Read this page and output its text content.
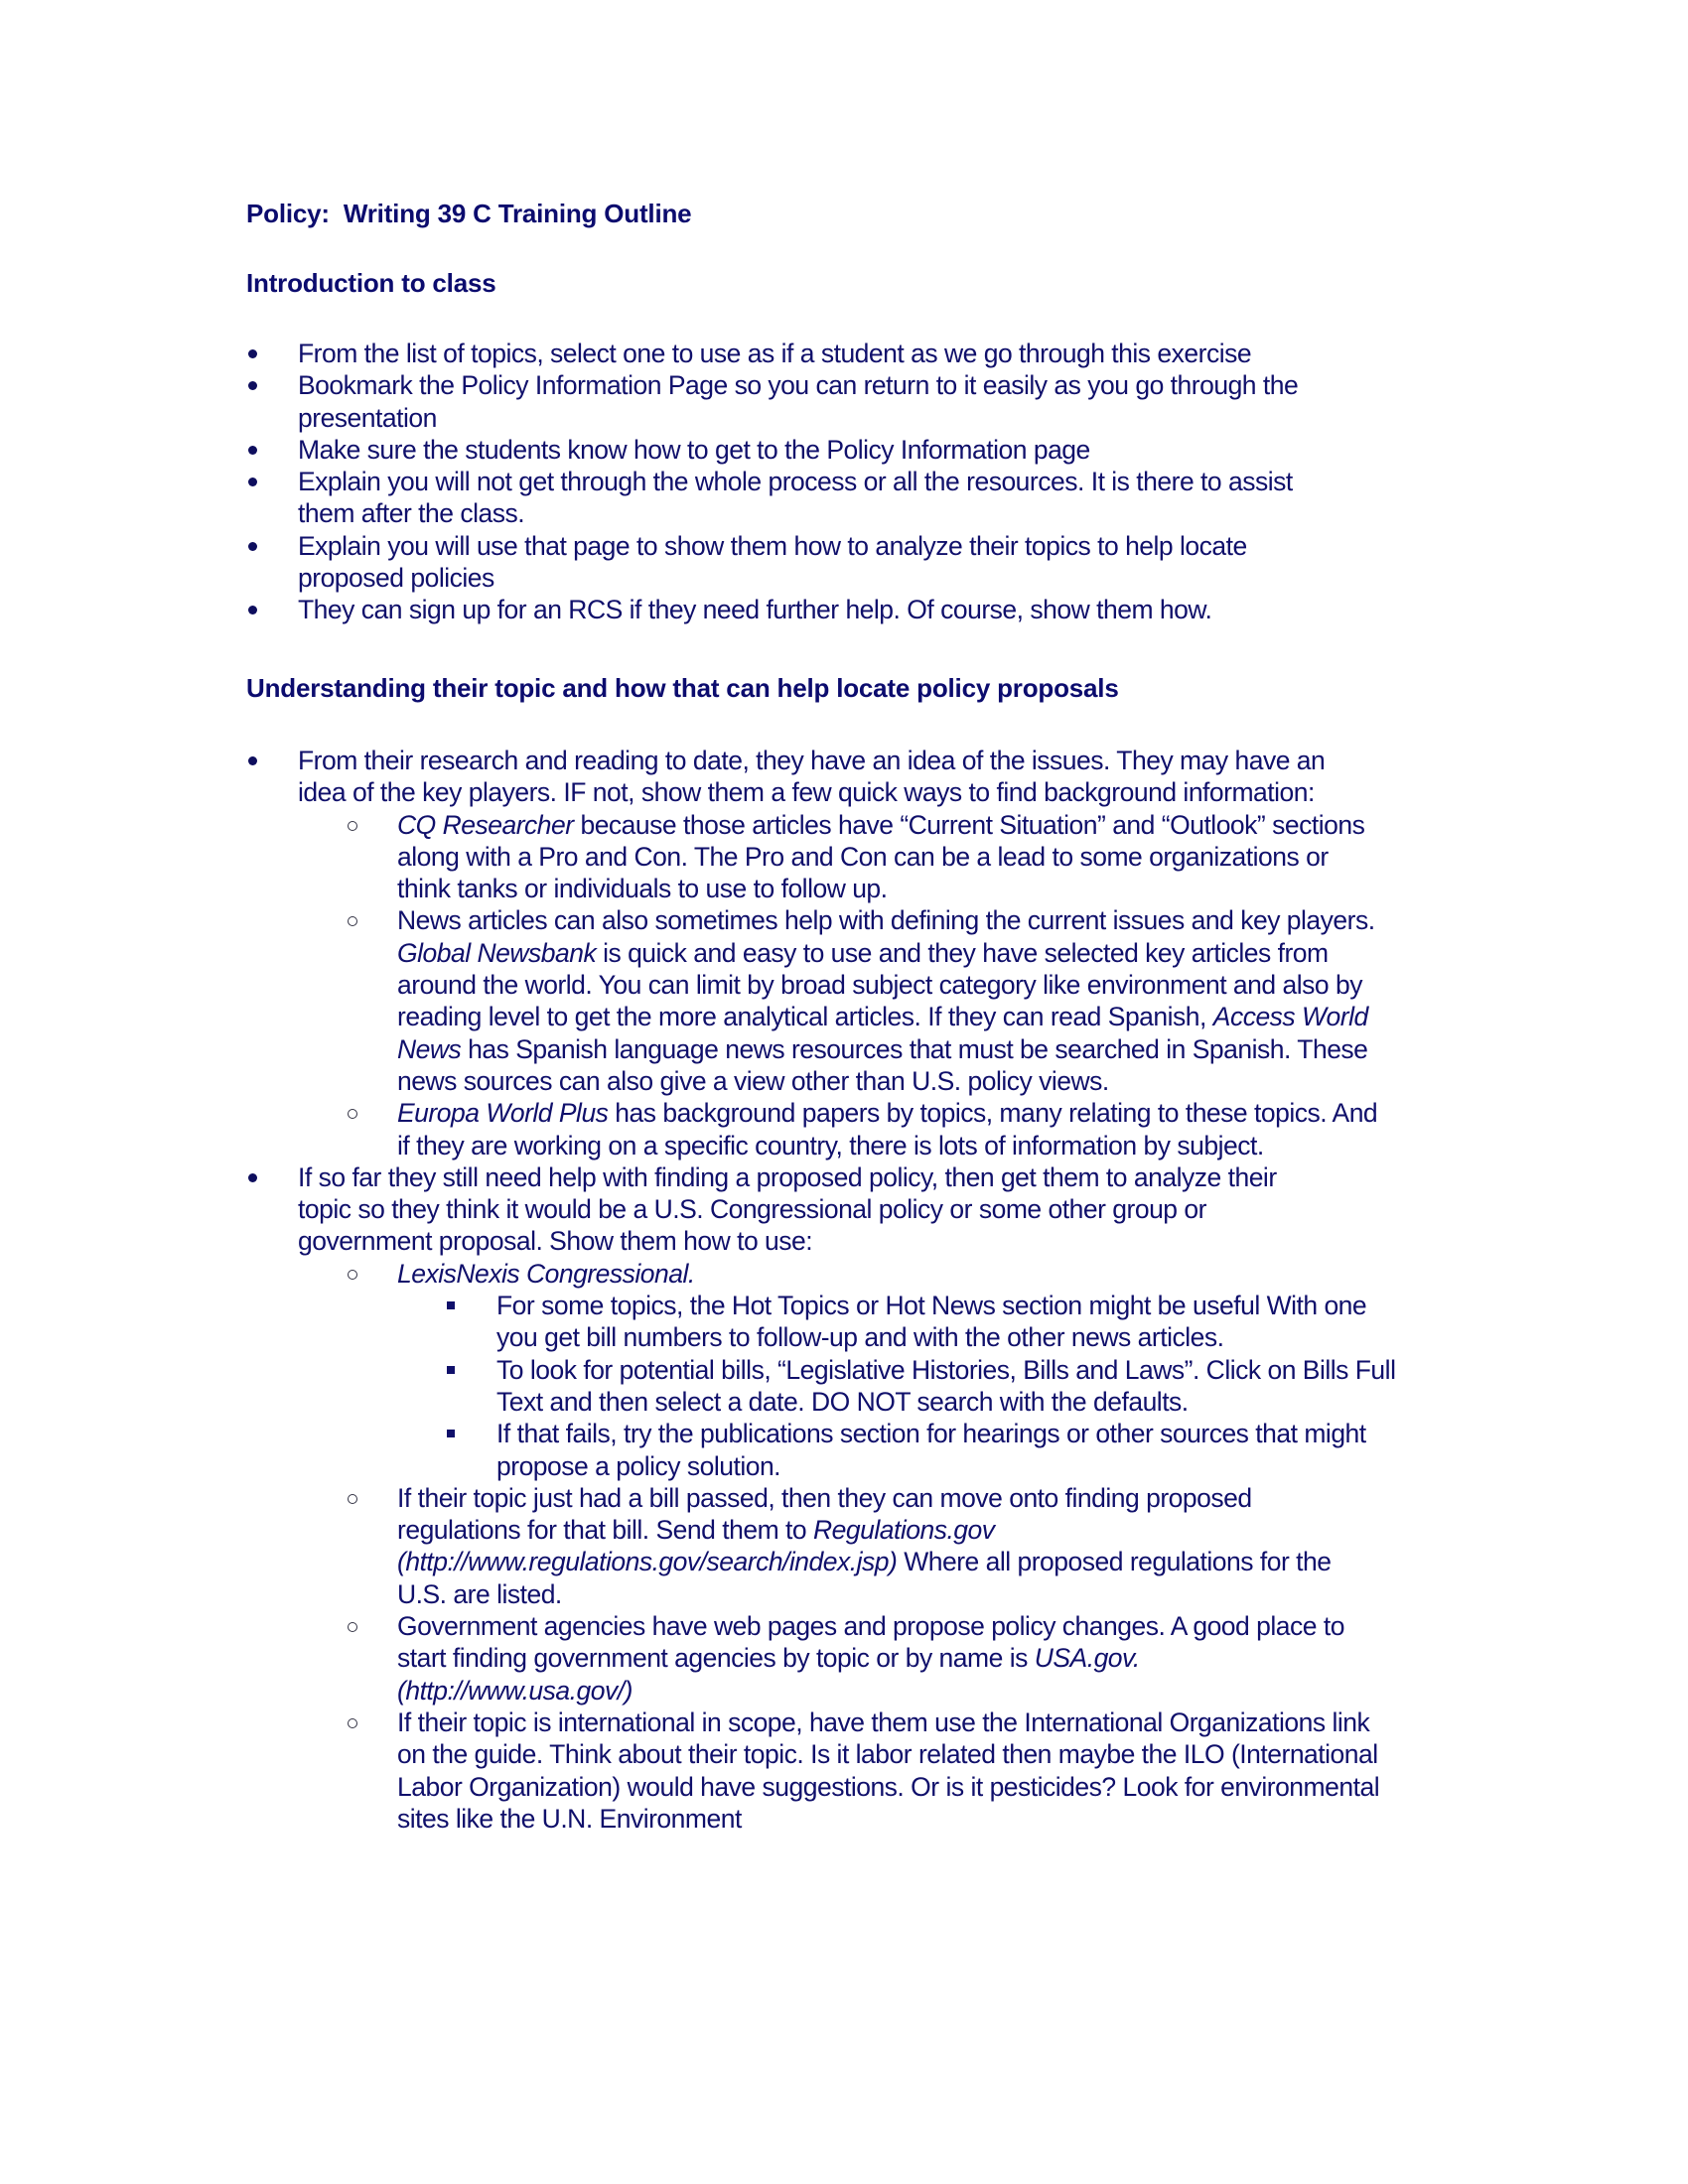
Policy:  Writing 39 C Training Outline
Introduction to class
From the list of topics, select one to use as if a student as we go through this exercise
Bookmark the Policy Information Page so you can return to it easily as you go through the presentation
Make sure the students know how to get to the Policy Information page
Explain you will not get through the whole process or all the resources. It is there to assist them after the class.
Explain you will use that page to show them how to analyze their topics to help locate proposed policies
They can sign up for an RCS if they need further help. Of course, show them how.
Understanding their topic and how that can help locate policy proposals
From their research and reading to date, they have an idea of the issues. They may have an idea of the key players. IF not, show them a few quick ways to find background information:
CQ Researcher because those articles have “Current Situation” and “Outlook” sections along with a Pro and Con. The Pro and Con can be a lead to some organizations or think tanks or individuals to use to follow up.
News articles can also sometimes help with defining the current issues and key players. Global Newsbank is quick and easy to use and they have selected key articles from around the world. You can limit by broad subject category like environment and also by reading level to get the more analytical articles. If they can read Spanish, Access World News has Spanish language news resources that must be searched in Spanish. These news sources can also give a view other than U.S. policy views.
Europa World Plus has background papers by topics, many relating to these topics. And if they are working on a specific country, there is lots of information by subject.
If so far they still need help with finding a proposed policy, then get them to analyze their topic so they think it would be a U.S. Congressional policy or some other group or government proposal. Show them how to use:
LexisNexis Congressional.
For some topics, the Hot Topics or Hot News section might be useful With one you get bill numbers to follow-up and with the other news articles.
To look for potential bills, “Legislative Histories, Bills and Laws”. Click on Bills Full Text and then select a date. DO NOT search with the defaults.
If that fails, try the publications section for hearings or other sources that might propose a policy solution.
If their topic just had a bill passed, then they can move onto finding proposed regulations for that bill. Send them to Regulations.gov (http://www.regulations.gov/search/index.jsp) Where all proposed regulations for the U.S. are listed.
Government agencies have web pages and propose policy changes. A good place to start finding government agencies by topic or by name is USA.gov. (http://www.usa.gov/)
If their topic is international in scope, have them use the International Organizations link on the guide. Think about their topic. Is it labor related then maybe the ILO (International Labor Organization) would have suggestions. Or is it pesticides? Look for environmental sites like the U.N. Environment
